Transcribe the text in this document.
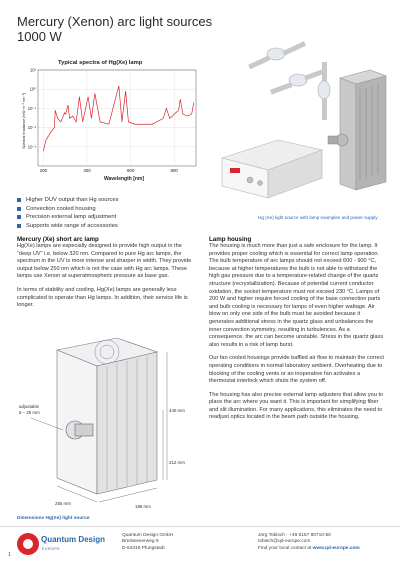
Mercury (Xenon) arc light sources
1000 W
Typical spectra of Hg(Xe) lamp
10¹
10⁰
10⁻¹
10⁻²
10⁻³
200	400	600	800
Wavelength [nm]
Spectral Irradiance [mW m⁻² nm⁻¹]
Hg (Xe) light source with lamp examples and power supply
Higher DUV output than Hg sources
Convection cooled housing
Precision external lamp adjustment
Supports wide range of accessories
Mercury (Xe) short arc lamp

Hg(Xe) lamps are especially designed to provide high output in the “deep UV” i.e. below 320 nm. Compared to pure Hg arc lamps, the spectrum in the UV is more intense and sharper in width. They provide output below 250 nm which is not the case with Hg arc lamps. These lamps use Xenon at superatmospheric pressure as base gas.

In terms of stability and cooling, Hg(Xe) lamps are generally less complicated to operate than Hg lamps. In addition, their service life is longer.

adjustable
6 – 25 mm	440 mm
212 mm
255 mm
188 mm
Dimensions Hg(Xe) light source
Lamp housing

The housing is much more than just a safe enclosure for the lamp. It provides proper cooling which is essential for correct lamp operation. The bulb temperature of arc lamps should not exceed 600 - 900 °C, because at higher temperatures the bulb is not able to withstand the high gas pressure due to a temperature-related change of the quartz structure (recrystallization). Because of potential current conductor oxidation, the socket temperature must not exceed 230 °C. Lamps of 200 W and higher require forced cooling of the base connection parts and bulb cooling is necessary for lamps of even higher wattage. Air blow on only one side of the bulb must be avoided because it generates additional stress in the quartz glass and unbalances the inner convection symmetry, resulting in turbulences. As a consequence, the arc can become unstable. Stress in the quartz glass also results in a risk of lamp burst.

Our fan cooled housings provide baffled air flow to maintain the correct operating conditions in normal laboratory ambient. Overheating due to blocking of the cooling vents or an inoperative fan activates a thermostat interlock which shuts the system off.

The housing has also precise external lamp adjusters that allow you to place the arc where you want it. This is important for simplifying fiber and slit illumination. For many applications, this eliminates the need to readjust optics located in the beam path outside the housing.

1
Quantum Design
EUROPE
Quantum Design GmbH
Breitwieserweg 9
D-64319 Pfungstadt
Jörg Tobisch · +49 6157 80710-50
tobisch@qd-europe.com
Find your local contact at www.qd-europe.com
